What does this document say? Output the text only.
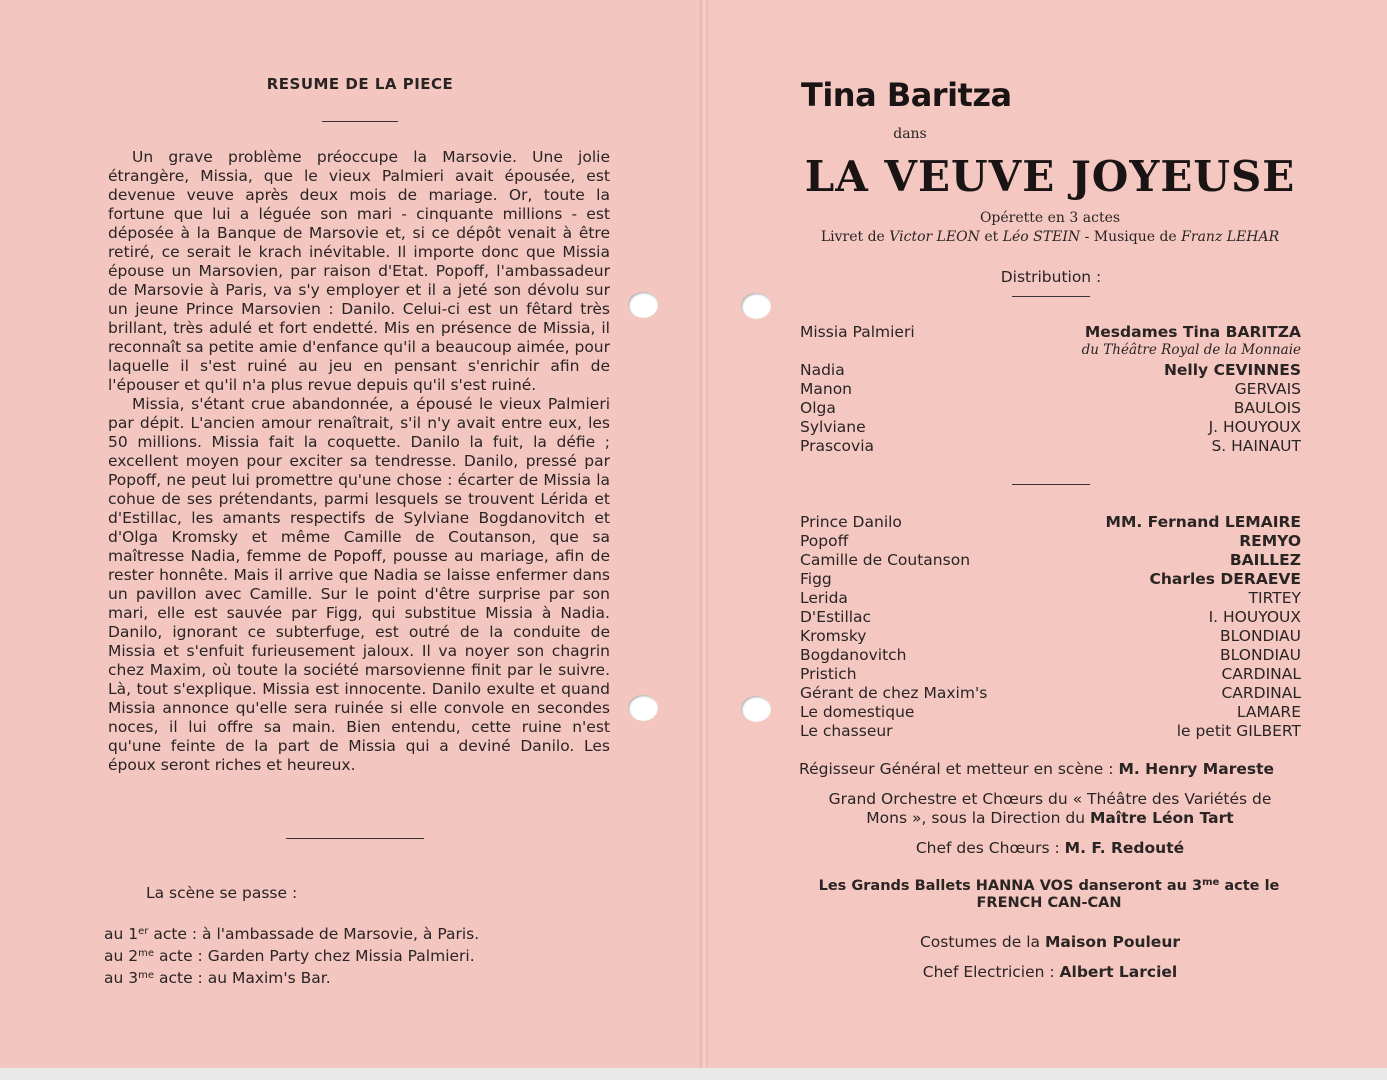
RESUME DE LA PIECE

Un grave problème préoccupe la Marsovie. Une jolie étrangère, Missia, que le vieux Palmieri avait épousée, est devenue veuve après deux mois de mariage. Or, toute la fortune que lui a léguée son mari - cinquante millions - est déposée à la Banque de Marsovie et, si ce dépôt venait à être retiré, ce serait le krach inévitable. Il importe donc que Missia épouse un Marsovien, par raison d'Etat. Popoff, l'ambassadeur de Marsovie à Paris, va s'y employer et il a jeté son dévolu sur un jeune Prince Marsovien : Danilo. Celui-ci est un fêtard très brillant, très adulé et fort endetté. Mis en présence de Missia, il reconnaît sa petite amie d'enfance qu'il a beaucoup aimée, pour laquelle il s'est ruiné au jeu en pensant s'enrichir afin de l'épouser et qu'il n'a plus revue depuis qu'il s'est ruiné.

Missia, s'étant crue abandonnée, a épousé le vieux Palmieri par dépit. L'ancien amour renaîtrait, s'il n'y avait entre eux, les 50 millions. Missia fait la coquette. Danilo la fuit, la défie ; excellent moyen pour exciter sa tendresse. Danilo, pressé par Popoff, ne peut lui promettre qu'une chose : écarter de Missia la cohue de ses prétendants, parmi lesquels se trouvent Lérida et d'Estillac, les amants respectifs de Sylviane Bogdanovitch et d'Olga Kromsky et même Camille de Coutanson, que sa maîtresse Nadia, femme de Popoff, pousse au mariage, afin de rester honnête. Mais il arrive que Nadia se laisse enfermer dans un pavillon avec Camille. Sur le point d'être surprise par son mari, elle est sauvée par Figg, qui substitue Missia à Nadia. Danilo, ignorant ce subterfuge, est outré de la conduite de Missia et s'enfuit furieusement jaloux. Il va noyer son chagrin chez Maxim, où toute la société marsovienne finit par le suivre. Là, tout s'explique. Missia est innocente. Danilo exulte et quand Missia annonce qu'elle sera ruinée si elle convole en secondes noces, il lui offre sa main. Bien entendu, cette ruine n'est qu'une feinte de la part de Missia qui a deviné Danilo. Les époux seront riches et heureux.

La scène se passe :
au 1er acte : à l'ambassade de Marsovie, à Paris.
au $2^{me}$ acte : Garden Party chez Missia Palmieri.
au $3^{me}$ acte : au Maxim's Bar.
Tina Baritza
dans
LA VEUVE JOYEUSE
Opérette en 3 actes
Livret de Victor LEON et Léo STEIN - Musique de Franz LEHAR
Distribution :
Missia Palmieri	Mesdames Tina BARITZA
du Théâtre Royal de la Monnaie
Nadia	Nelly CEVINNES
Manon	GERVAIS
Olga	BAULOIS
Sylviane	J. HOUYOUX
Prascovia	S. HAINAUT
Prince Danilo	MM. Fernand LEMAIRE
Popoff	REMYO
Camille de Coutanson	BAILLEZ
Figg	Charles DERAEVE
Lerida	TIRTEY
D'Estillac	I. HOUYOUX
Kromsky	BLONDIAU
Bogdanovitch	BLONDIAU
Pristich	CARDINAL
Gérant de chez Maxim's	CARDINAL
Le domestique	LAMARE
Le chasseur	le petit GILBERT
Régisseur Général et metteur en scène : M. Henry Mareste
Grand Orchestre et Chœurs du « Théâtre des Variétés de
Mons », sous la Direction du Maître Léon Tart
Chef des Chœurs : M. F. Redouté
Les Grands Ballets HANNA VOS danseront au $3^{me}$ acte le
FRENCH CAN-CAN
Costumes de la Maison Pouleur
Chef Electricien : Albert Larciel
